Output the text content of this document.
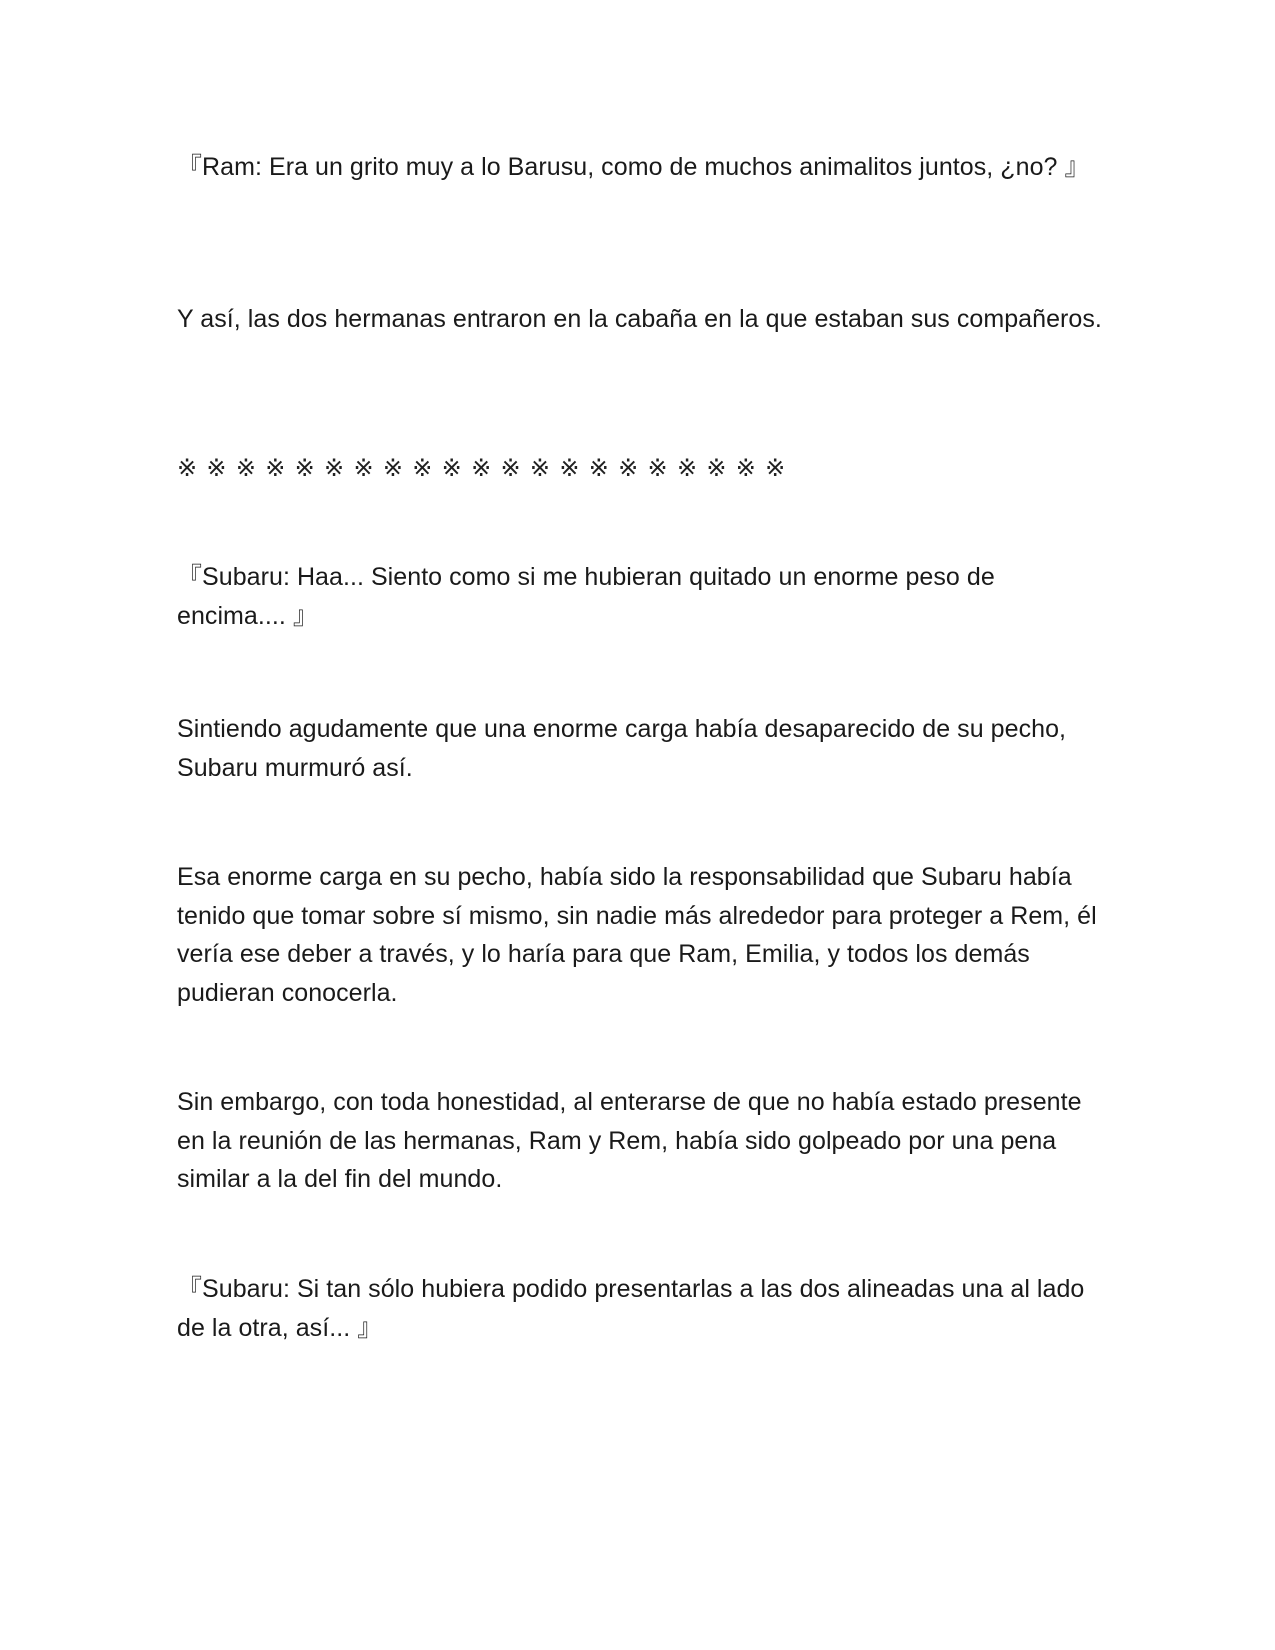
『Ram: Era un grito muy a lo Barusu, como de muchos animalitos juntos, ¿no? 』

Y así, las dos hermanas entraron en la cabaña en la que estaban sus compañeros.

※※※※※※※※※※※※※※※※※※※※※

『Subaru: Haa... Siento como si me hubieran quitado un enorme peso de encima.... 』

Sintiendo agudamente que una enorme carga había desaparecido de su pecho, Subaru murmuró así.

Esa enorme carga en su pecho, había sido la responsabilidad que Subaru había tenido que tomar sobre sí mismo, sin nadie más alrededor para proteger a Rem, él vería ese deber a través, y lo haría para que Ram, Emilia, y todos los demás pudieran conocerla.

Sin embargo, con toda honestidad, al enterarse de que no había estado presente en la reunión de las hermanas, Ram y Rem, había sido golpeado por una pena similar a la del fin del mundo.

『Subaru: Si tan sólo hubiera podido presentarlas a las dos alineadas una al lado de la otra, así... 』
